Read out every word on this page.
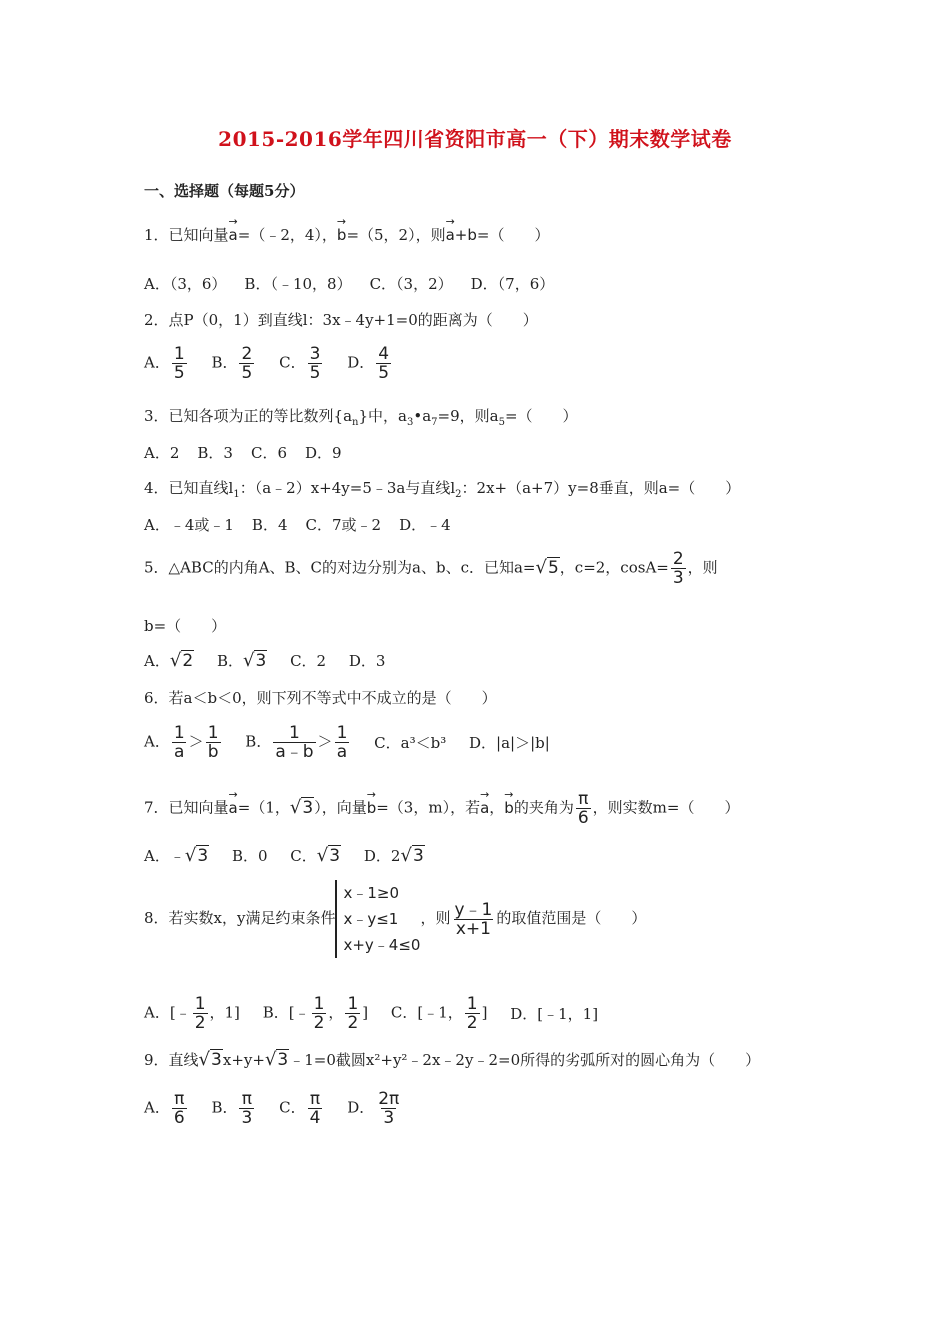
2015-2016学年四川省资阳市高一（下）期末数学试卷
一、选择题（每题5分）
1．已知向量→ a=（﹣2，4），→ b=（5，2），则→ a+b=（　　）
A．（3，6） B．（﹣10，8） C．（3，2） D．（7，6）
2．点P（0，1）到直线l：3x﹣4y+1=0的距离为（　　）
A． $\frac{1}{5}$ B． $\frac{2}{5}$ C． $\frac{3}{5}$ D． $\frac{4}{5}$
3．已知各项为正的等比数列$\{a_n\}$中，$a_3•a_7=9$，则$a_5=$（　　）
A．2 B．3 C．6 D．9
4．已知直线$l_1$：（a﹣2）x+4y=5﹣3a与直线$l_2$：2x+（a+7）y=8垂直，则a=（　　）
A．﹣4或﹣1 B．4 C．7或﹣2 D．﹣4
5．△ABC的内角A、B、C的对边分别为a、b、c．已知a=√5，c=2，$\cos A= \frac{2}{3}$ ，则
b=（　　）
A．√2 B．√3 C．2 D．3
6．若a＜b＜0，则下列不等式中不成立的是（　　）
A． $\frac{1}{a} > \frac{1}{b}$ B． $\frac{1}{a﹣b} > \frac{1}{a}$ C．a³＜b³ D．|a|＞|b|
7．已知向量→ a=（1，√3），向量→ b=（3，m），若→ a，→ b的夹角为 $\frac{\pi}{6}$ ，则实数m=（　　）
A．﹣√3 B．0 C．√3 D．2√3
8．若实数x，y满足约束条件
x﹣1≥0
x﹣y≤1
x+y﹣4≤0
，则 $\frac{y﹣1}{x+1}$ 的取值范围是（　　）
A．[﹣ $\frac{1}{2}$ ，1] B．[﹣ $\frac{1}{2}$ ， $\frac{1}{2}$ ] C．[﹣1， $\frac{1}{2}$ ] D．[﹣1，1]
9．直线√3x+y+√3﹣1=0截圆x²+y²﹣2x﹣2y﹣2=0所得的劣弧所对的圆心角为（　　）
A． $\frac{\pi}{6}$ B． $\frac{\pi}{3}$ C． $\frac{\pi}{4}$ D． $\frac{2\pi}{3}$
